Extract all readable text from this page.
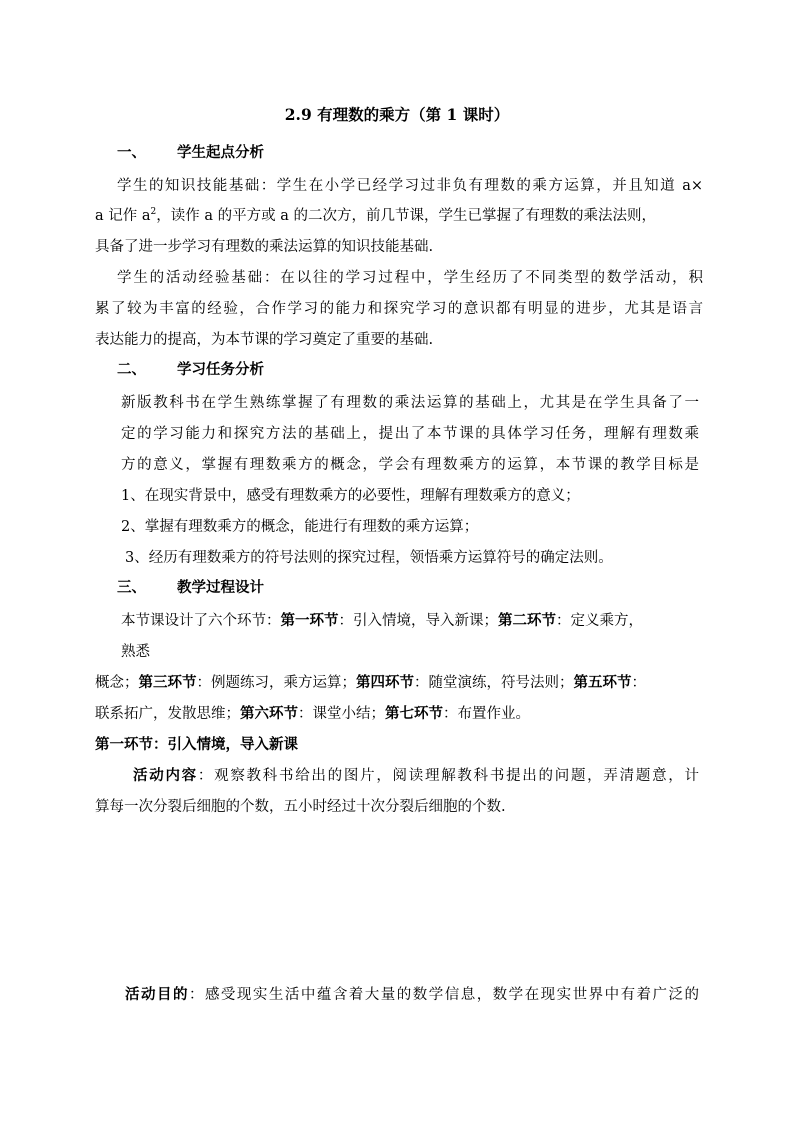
2.9 有理数的乘方（第 1 课时）
一、 学生起点分析
学生的知识技能基础：学生在小学已经学习过非负有理数的乘方运算，并且知道 a×
a 记作 $a^2$，读作 a 的平方或 a 的二次方，前几节课，学生已掌握了有理数的乘法法则，
具备了进一步学习有理数的乘法运算的知识技能基础.
学生的活动经验基础：在以往的学习过程中，学生经历了不同类型的数学活动，积
累了较为丰富的经验，合作学习的能力和探究学习的意识都有明显的进步，尤其是语言
表达能力的提高，为本节课的学习奠定了重要的基础.
二、 学习任务分析
新版教科书在学生熟练掌握了有理数的乘法运算的基础上，尤其是在学生具备了一
定的学习能力和探究方法的基础上，提出了本节课的具体学习任务，理解有理数乘
方的意义，掌握有理数乘方的概念，学会有理数乘方的运算，本节课的教学目标是
1、在现实背景中，感受有理数乘方的必要性，理解有理数乘方的意义；
2、掌握有理数乘方的概念，能进行有理数的乘方运算；
3、经历有理数乘方的符号法则的探究过程，领悟乘方运算符号的确定法则。
三、 教学过程设计
本节课设计了六个环节：第一环节：引入情境，导入新课；第二环节：定义乘方，
熟悉
概念；第三环节：例题练习，乘方运算；第四环节：随堂演练，符号法则；第五环节：
联系拓广，发散思维；第六环节：课堂小结；第七环节：布置作业。
第一环节：引入情境，导入新课
活动内容：观察教科书给出的图片，阅读理解教科书提出的问题，弄清题意，计
算每一次分裂后细胞的个数，五小时经过十次分裂后细胞的个数.
活动目的：感受现实生活中蕴含着大量的数学信息，数学在现实世界中有着广泛的
